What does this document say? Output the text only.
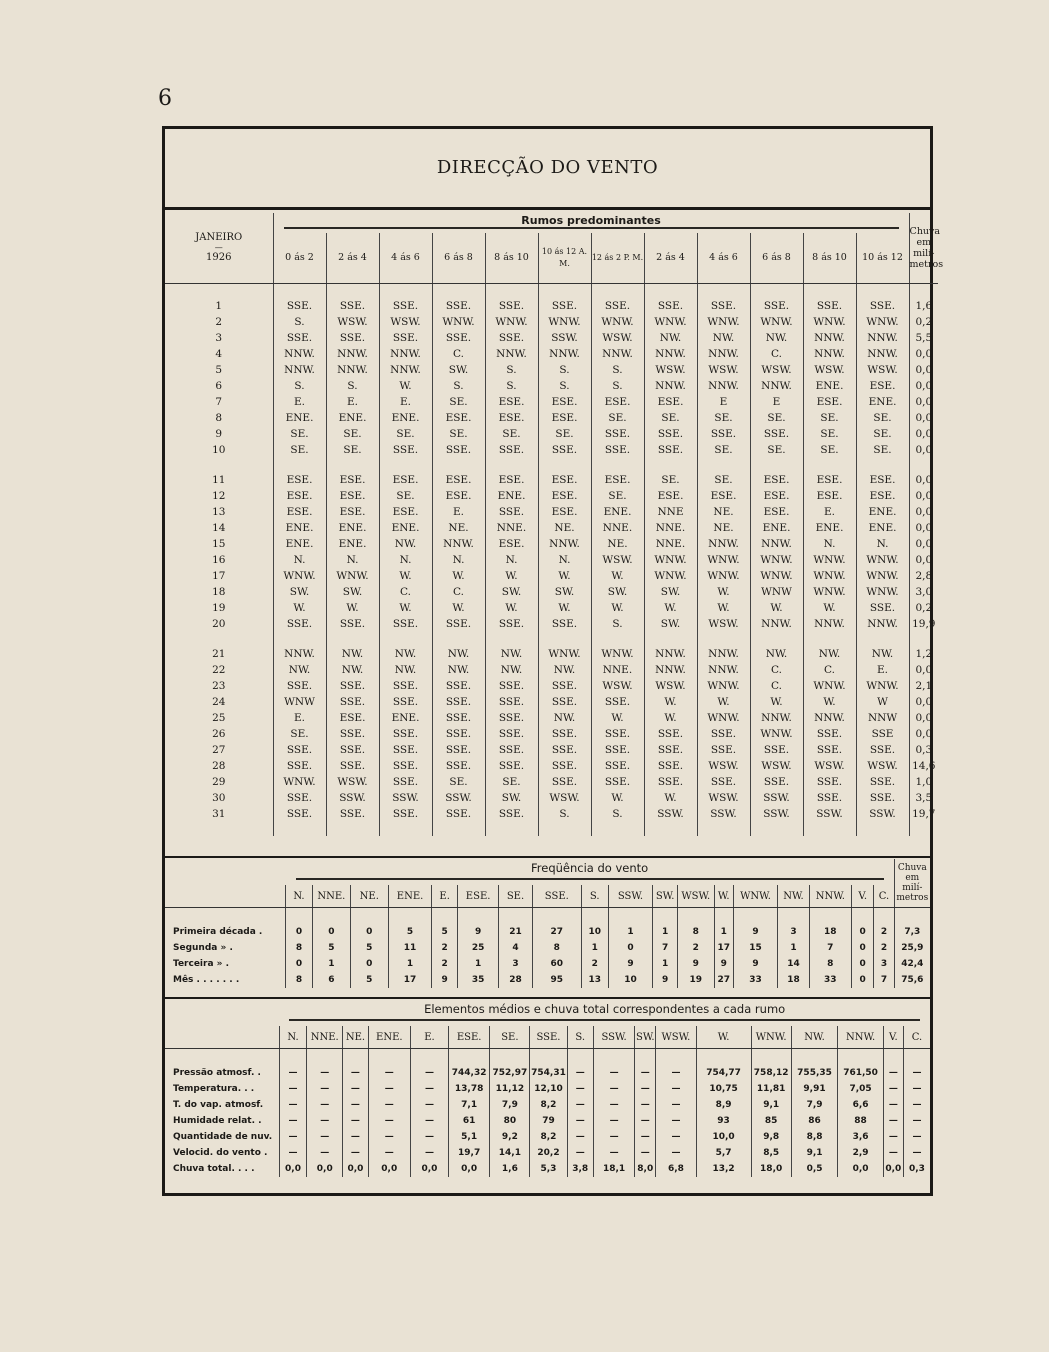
6
DIRECÇÃO DO VENTO
JANEIRO
—
1926	Rumos predominantes												Chuva em milímetros
	0 ás 2	2 ás 4	4 ás 6	6 ás 8	8 ás 10	10 ás 12 A. M.	12 ás 2 P. M.	2 ás 4	4 ás 6	6 ás 8	8 ás 10	10 ás 12	

1	SSE.	SSE.	SSE.	SSE.	SSE.	SSE.	SSE.	SSE.	SSE.	SSE.	SSE.	SSE.	1,6
2	S.	WSW.	WSW.	WNW.	WNW.	WNW.	WNW.	WNW.	WNW.	WNW.	WNW.	WNW.	0,2
3	SSE.	SSE.	SSE.	SSE.	SSE.	SSW.	WSW.	NW.	NW.	NW.	NNW.	NNW.	5,5
4	NNW.	NNW.	NNW.	C.	NNW.	NNW.	NNW.	NNW.	NNW.	C.	NNW.	NNW.	0,0
5	NNW.	NNW.	NNW.	SW.	S.	S.	S.	WSW.	WSW.	WSW.	WSW.	WSW.	0,0
6	S.	S.	W.	S.	S.	S.	S.	NNW.	NNW.	NNW.	ENE.	ESE.	0,0
7	E.	E.	E.	SE.	ESE.	ESE.	ESE.	ESE.	E	E	ESE.	ENE.	0,0
8	ENE.	ENE.	ENE.	ESE.	ESE.	ESE.	SE.	SE.	SE.	SE.	SE.	SE.	0,0
9	SE.	SE.	SE.	SE.	SE.	SE.	SSE.	SSE.	SSE.	SSE.	SE.	SE.	0,0
10	SE.	SE.	SSE.	SSE.	SSE.	SSE.	SSE.	SSE.	SE.	SE.	SE.	SE.	0,0

11	ESE.	ESE.	ESE.	ESE.	ESE.	ESE.	ESE.	SE.	SE.	ESE.	ESE.	ESE.	0,0
12	ESE.	ESE.	SE.	ESE.	ENE.	ESE.	SE.	ESE.	ESE.	ESE.	ESE.	ESE.	0,0
13	ESE.	ESE.	ESE.	E.	SSE.	ESE.	ENE.	NNE	NE.	ESE.	E.	ENE.	0,0
14	ENE.	ENE.	ENE.	NE.	NNE.	NE.	NNE.	NNE.	NE.	ENE.	ENE.	ENE.	0,0
15	ENE.	ENE.	NW.	NNW.	ESE.	NNW.	NE.	NNE.	NNW.	NNW.	N.	N.	0,0
16	N.	N.	N.	N.	N.	N.	WSW.	WNW.	WNW.	WNW.	WNW.	WNW.	0,0
17	WNW.	WNW.	W.	W.	W.	W.	W.	WNW.	WNW.	WNW.	WNW.	WNW.	2,8
18	SW.	SW.	C.	C.	SW.	SW.	SW.	SW.	W.	WNW	WNW.	WNW.	3,0
19	W.	W.	W.	W.	W.	W.	W.	W.	W.	W.	W.	SSE.	0,2
20	SSE.	SSE.	SSE.	SSE.	SSE.	SSE.	S.	SW.	WSW.	NNW.	NNW.	NNW.	19,9

21	NNW.	NW.	NW.	NW.	NW.	WNW.	WNW.	NNW.	NNW.	NW.	NW.	NW.	1,2
22	NW.	NW.	NW.	NW.	NW.	NW.	NNE.	NNW.	NNW.	C.	C.	E.	0,0
23	SSE.	SSE.	SSE.	SSE.	SSE.	SSE.	WSW.	WSW.	WNW.	C.	WNW.	WNW.	2,1
24	WNW	SSE.	SSE.	SSE.	SSE.	SSE.	SSE.	W.	W.	W.	W.	W	0,0
25	E.	ESE.	ENE.	SSE.	SSE.	NW.	W.	W.	WNW.	NNW.	NNW.	NNW	0,0
26	SE.	SSE.	SSE.	SSE.	SSE.	SSE.	SSE.	SSE.	SSE.	WNW.	SSE.	SSE	0,0
27	SSE.	SSE.	SSE.	SSE.	SSE.	SSE.	SSE.	SSE.	SSE.	SSE.	SSE.	SSE.	0,3
28	SSE.	SSE.	SSE.	SSE.	SSE.	SSE.	SSE.	SSE.	WSW.	WSW.	WSW.	WSW.	14,6
29	WNW.	WSW.	SSE.	SE.	SE.	SSE.	SSE.	SSE.	SSE.	SSE.	SSE.	SSE.	1,0
30	SSE.	SSW.	SSW.	SSW.	SW.	WSW.	W.	W.	WSW.	SSW.	SSE.	SSE.	3,5
31	SSE.	SSE.	SSE.	SSE.	SSE.	S.	S.	SSW.	SSW.	SSW.	SSW.	SSW.	19,7

	Freqüência do vento																		Chuva em milímetros
	N.	NNE.	NE.	ENE.	E.	ESE.	SE.	SSE.	S.	SSW.	SW.	WSW.	W.	WNW.	NW.	NNW.	V.	C.	

Primeira década .	0	0	0	5	5	9	21	27	10	1	1	8	1	9	3	18	0	2	7,3
Segunda » .	8	5	5	11	2	25	4	8	1	0	7	2	17	15	1	7	0	2	25,9
Terceira » .	0	1	0	1	2	1	3	60	2	9	1	9	9	9	14	8	0	3	42,4
Mês . . . . . . .	8	6	5	17	9	35	28	95	13	10	9	19	27	33	18	33	0	7	75,6
	Elementos médios e chuva total correspondentes a cada rumo																	

	N.	NNE.	NE.	ENE.	E.	ESE.	SE.	SSE.	S.	SSW.	SW.	WSW.	W.	WNW.	NW.	NNW.	V.	C.

Pressão atmosf. .	—	—	—	—	—	744,32	752,97	754,31	—	—	—	—	754,77	758,12	755,35	761,50	—	—
Temperatura. . .	—	—	—	—	—	13,78	11,12	12,10	—	—	—	—	10,75	11,81	9,91	7,05	—	—
T. do vap. atmosf.	—	—	—	—	—	7,1	7,9	8,2	—	—	—	—	8,9	9,1	7,9	6,6	—	—
Humidade relat. .	—	—	—	—	—	61	80	79	—	—	—	—	93	85	86	88	—	—
Quantidade de nuv.	—	—	—	—	—	5,1	9,2	8,2	—	—	—	—	10,0	9,8	8,8	3,6	—	—
Velocid. do vento .	—	—	—	—	—	19,7	14,1	20,2	—	—	—	—	5,7	8,5	9,1	2,9	—	—
Chuva total. . . .	0,0	0,0	0,0	0,0	0,0	0,0	1,6	5,3	3,8	18,1	8,0	6,8	13,2	18,0	0,5	0,0	0,0	0,3
